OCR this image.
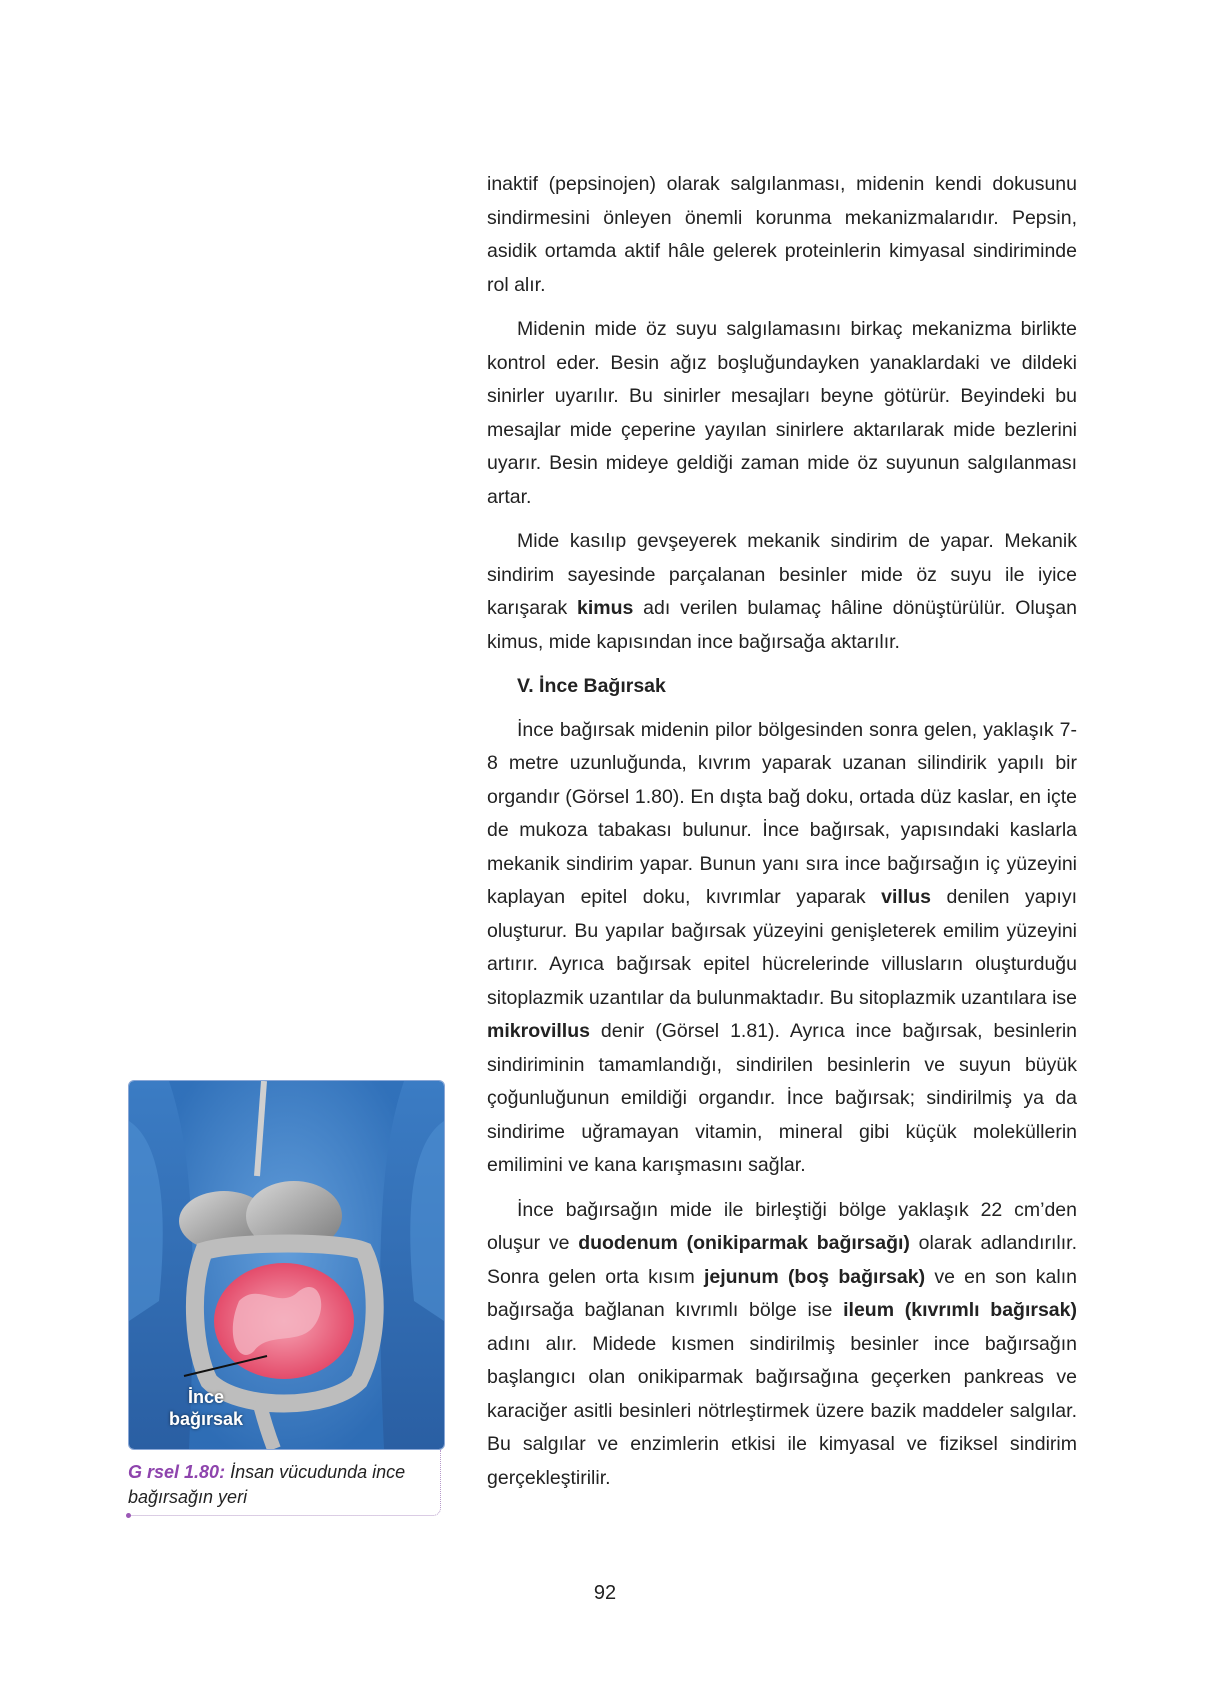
inaktif (pepsinojen) olarak salgılanması, midenin kendi dokusunu sindirmesini önleyen önemli korunma mekanizmalarıdır. Pepsin, asidik ortamda aktif hâle gelerek proteinlerin kimyasal sindiriminde rol alır.

Midenin mide öz suyu salgılamasını birkaç mekanizma birlikte kontrol eder. Besin ağız boşluğundayken yanaklardaki ve dildeki sinirler uyarılır. Bu sinirler mesajları beyne götürür. Beyindeki bu mesajlar mide çeperine yayılan sinirlere aktarılarak mide bezlerini uyarır. Besin mideye geldiği zaman mide öz suyunun salgılanması artar.

Mide kasılıp gevşeyerek mekanik sindirim de yapar. Mekanik sindirim sayesinde parçalanan besinler mide öz suyu ile iyice karışarak kimus adı verilen bulamaç hâline dönüştürülür. Oluşan kimus, mide kapısından ince bağırsağa aktarılır.

V. İnce Bağırsak

İnce bağırsak midenin pilor bölgesinden sonra gelen, yaklaşık 7-8 metre uzunluğunda, kıvrım yaparak uzanan silindirik yapılı bir organdır (Görsel 1.80). En dışta bağ doku, ortada düz kaslar, en içte de mukoza tabakası bulunur. İnce bağırsak, yapısındaki kaslarla mekanik sindirim yapar. Bunun yanı sıra ince bağırsağın iç yüzeyini kaplayan epitel doku, kıvrımlar yaparak villus denilen yapıyı oluşturur. Bu yapılar bağırsak yüzeyini genişleterek emilim yüzeyini artırır. Ayrıca bağırsak epitel hücrelerinde villusların oluşturduğu sitoplazmik uzantılar da bulunmaktadır. Bu sitoplazmik uzantılara ise mikrovillus denir (Görsel 1.81). Ayrıca ince bağırsak, besinlerin sindiriminin tamamlandığı, sindirilen besinlerin ve suyun büyük çoğunluğunun emildiği organdır. İnce bağırsak; sindirilmiş ya da sindirime uğramayan vitamin, mineral gibi küçük moleküllerin emilimini ve kana karışmasını sağlar.

İnce bağırsağın mide ile birleştiği bölge yaklaşık 22 cm’den oluşur ve duodenum (onikiparmak bağırsağı) olarak adlandırılır. Sonra gelen orta kısım jejunum (boş bağırsak) ve en son kalın bağırsağa bağlanan kıvrımlı bölge ise ileum (kıvrımlı bağırsak) adını alır. Midede kısmen sindirilmiş besinler ince bağırsağın başlangıcı olan onikiparmak bağırsağına geçerken pankreas ve karaciğer asitli besinleri nötrleştirmek üzere bazik maddeler salgılar. Bu salgılar ve enzimlerin etkisi ile kimyasal ve fiziksel sindirim gerçekleştirilir.

İnce
bağırsak
G rsel 1.80: İnsan vücudunda ince bağırsağın yeri
92
